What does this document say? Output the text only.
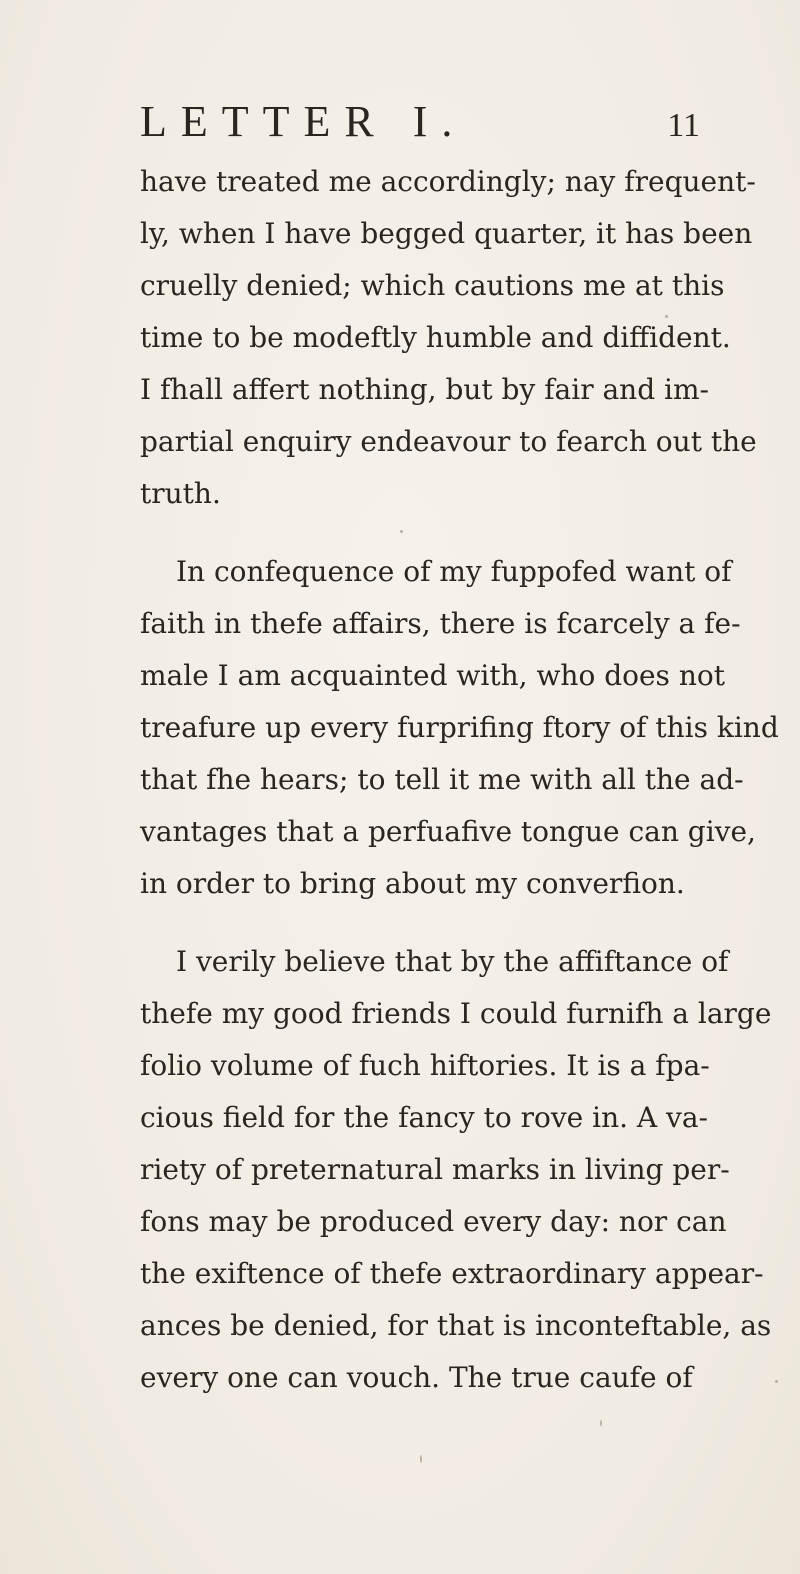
LETTER I.	11
have treated me accordingly; nay frequent-
ly, when I have begged quarter, it has been
cruelly denied; which cautions me at this
time to be modeftly humble and diffident.
I fhall affert nothing, but by fair and im-
partial enquiry endeavour to fearch out the
truth.
In confequence of my fuppofed want of
faith in thefe affairs, there is fcarcely a fe-
male I am acquainted with, who does not
treafure up every furprifing ftory of this kind
that fhe hears; to tell it me with all the ad-
vantages that a perfuafive tongue can give,
in order to bring about my converfion.
I verily believe that by the affiftance of
thefe my good friends I could furnifh a large
folio volume of fuch hiftories. It is a fpa-
cious field for the fancy to rove in. A va-
riety of preternatural marks in living per-
fons may be produced every day: nor can
the exiftence of thefe extraordinary appear-
ances be denied, for that is inconteftable, as
every one can vouch. The true caufe of
